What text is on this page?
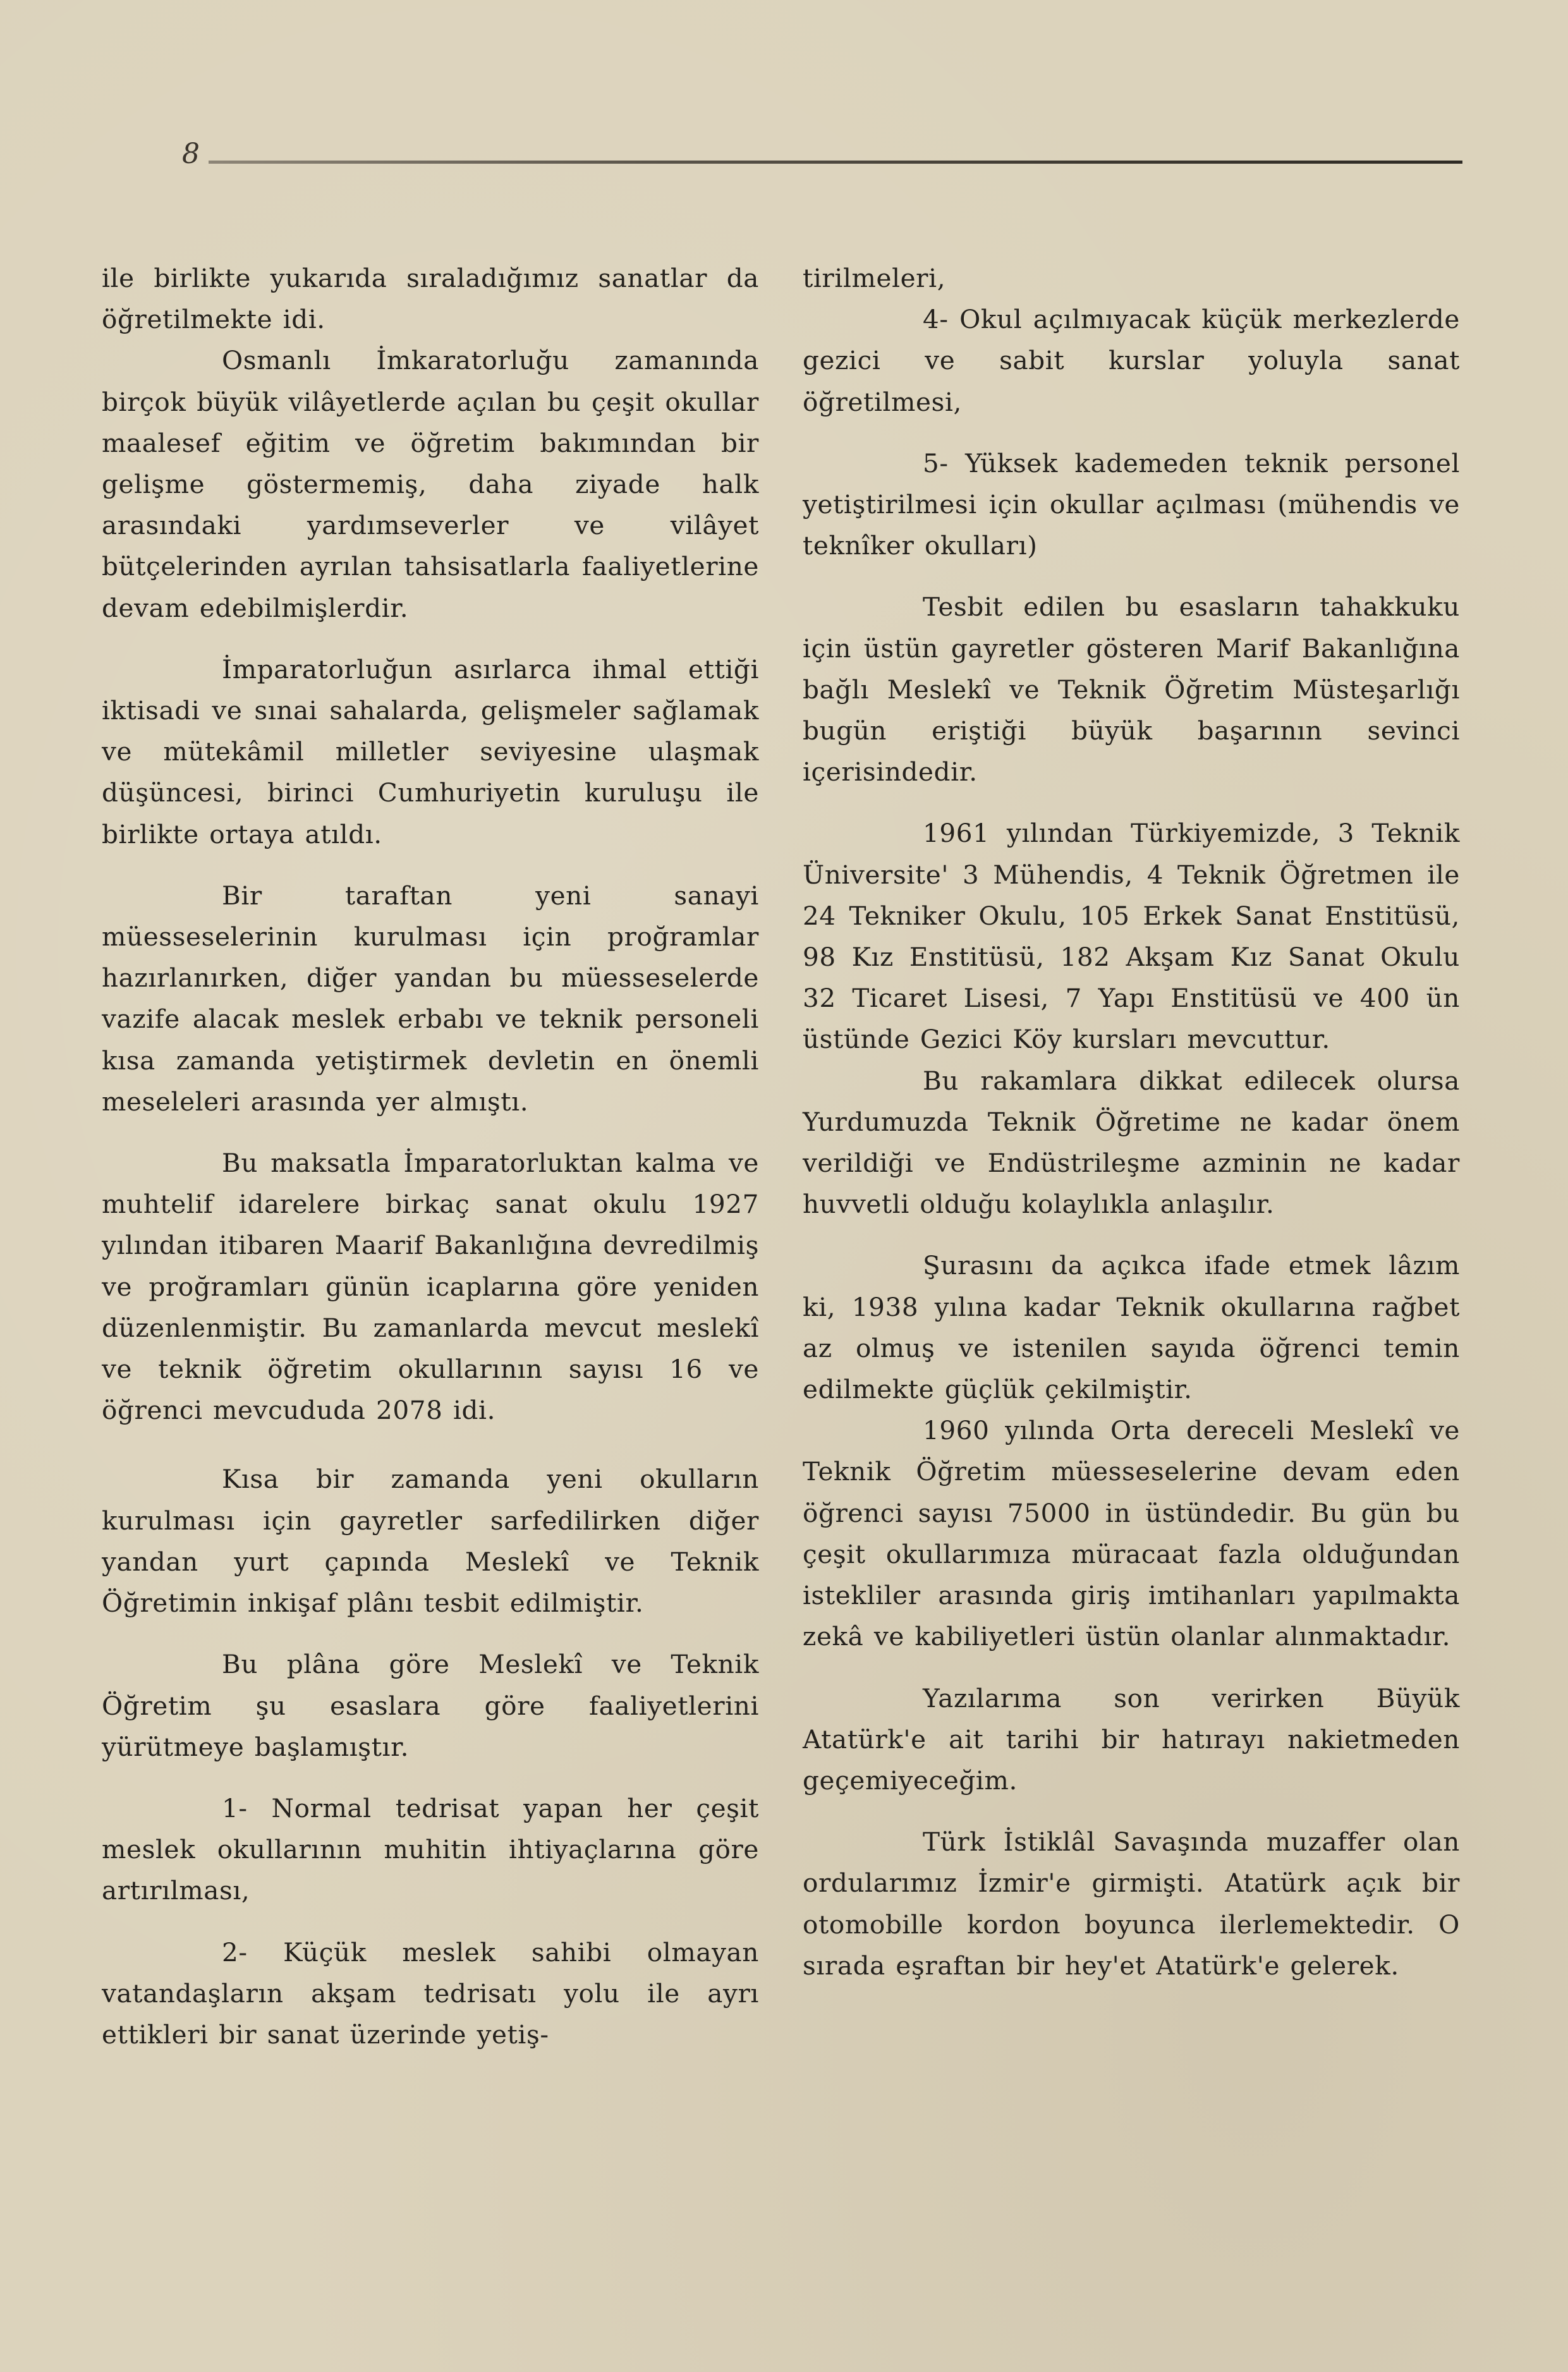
8

ile birlikte yukarıda sıraladığımız sanatlar da öğretilmekte idi.

Osmanlı İmkaratorluğu zamanında birçok büyük vilâyetlerde açılan bu çeşit okullar maalesef eğitim ve öğretim bakımından bir gelişme göstermemiş, daha ziyade halk arasındaki yardımseverler ve vilâyet bütçelerinden ayrılan tahsisatlarla faaliyetlerine devam edebilmişlerdir.

İmparatorluğun asırlarca ihmal ettiği iktisadi ve sınai sahalarda, gelişmeler sağlamak ve mütekâmil milletler seviyesine ulaşmak düşüncesi, birinci Cumhuriyetin kuruluşu ile birlikte ortaya atıldı.

Bir taraftan yeni sanayi müesseselerinin kurulması için proğramlar hazırlanırken, diğer yandan bu müesseselerde vazife alacak meslek erbabı ve teknik personeli kısa zamanda yetiştirmek devletin en önemli meseleleri arasında yer almıştı.

Bu maksatla İmparatorluktan kalma ve muhtelif idarelere birkaç sanat okulu 1927 yılından itibaren Maarif Bakanlığına devredilmiş ve proğramları günün icaplarına göre yeniden düzenlenmiştir. Bu zamanlarda mevcut meslekî ve teknik öğretim okullarının sayısı 16 ve öğrenci mevcududa 2078 idi.

Kısa bir zamanda yeni okulların kurulması için gayretler sarfedilirken diğer yandan yurt çapında Meslekî ve Teknik Öğretimin inkişaf plânı tesbit edilmiştir.

Bu plâna göre Meslekî ve Teknik Öğretim şu esaslara göre faaliyetlerini yürütmeye başlamıştır.

1- Normal tedrisat yapan her çeşit meslek okullarının muhitin ihtiyaçlarına göre artırılması,

2- Küçük meslek sahibi olmayan vatandaşların akşam tedrisatı yolu ile ayrı ettikleri bir sanat üzerinde yetiş-

tirilmeleri,

4- Okul açılmıyacak küçük merkezlerde gezici ve sabit kurslar yoluyla sanat öğretilmesi,

5- Yüksek kademeden teknik personel yetiştirilmesi için okullar açılması (mühendis ve teknîker okulları)

Tesbit edilen bu esasların tahakkuku için üstün gayretler gösteren Marif Bakanlığına bağlı Meslekî ve Teknik Öğretim Müsteşarlığı bugün eriştiği büyük başarının sevinci içerisindedir.

1961 yılından Türkiyemizde, 3 Teknik Üniversite' 3 Mühendis, 4 Teknik Öğretmen ile 24 Tekniker Okulu, 105 Erkek Sanat Enstitüsü, 98 Kız Enstitüsü, 182 Akşam Kız Sanat Okulu 32 Ticaret Lisesi, 7 Yapı Enstitüsü ve 400 ün üstünde Gezici Köy kursları mevcuttur.

Bu rakamlara dikkat edilecek olursa Yurdumuzda Teknik Öğretime ne kadar önem verildiği ve Endüstrileşme azminin ne kadar huvvetli olduğu kolaylıkla anlaşılır.

Şurasını da açıkca ifade etmek lâzım ki, 1938 yılına kadar Teknik okullarına rağbet az olmuş ve istenilen sayıda öğrenci temin edilmekte güçlük çekilmiştir.

1960 yılında Orta dereceli Meslekî ve Teknik Öğretim müesseselerine devam eden öğrenci sayısı 75000 in üstündedir. Bu gün bu çeşit okullarımıza müracaat fazla olduğundan istekliler arasında giriş imtihanları yapılmakta zekâ ve kabiliyetleri üstün olanlar alınmaktadır.

Yazılarıma son verirken Büyük Atatürk'e ait tarihi bir hatırayı nakietmeden geçemiyeceğim.

Türk İstiklâl Savaşında muzaffer olan ordularımız İzmir'e girmişti. Atatürk açık bir otomobille kordon boyunca ilerlemektedir. O sırada eşraftan bir hey'et Atatürk'e gelerek.
